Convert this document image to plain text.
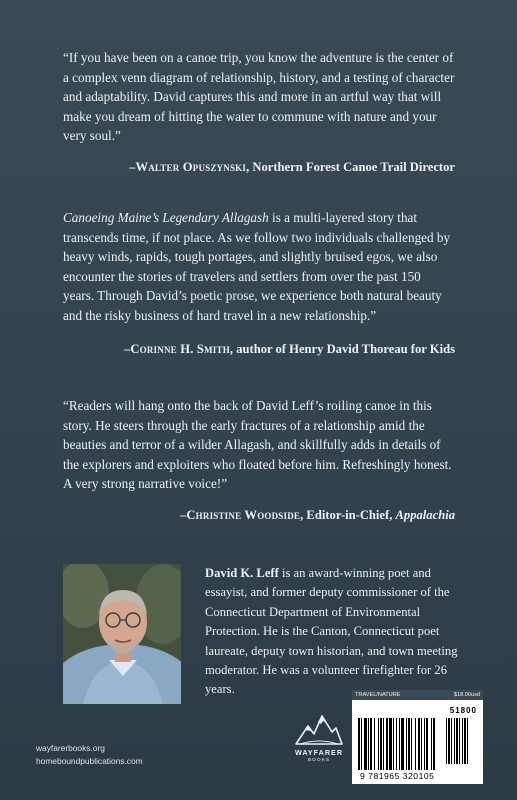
“If you have been on a canoe trip, you know the adventure is the center of a complex venn diagram of relationship, history, and a testing of character and adaptability. David captures this and more in an artful way that will make you dream of hitting the water to commune with nature and your very soul.”

–Walter Opuszynski, Northern Forest Canoe Trail Director

Canoeing Maine’s Legendary Allagash is a multi-layered story that transcends time, if not place. As we follow two individuals challenged by heavy winds, rapids, tough portages, and slightly bruised egos, we also encounter the stories of travelers and settlers from over the past 150 years. Through David’s poetic prose, we experience both natural beauty and the risky business of hard travel in a new relationship.”

–Corinne H. Smith, author of Henry David Thoreau for Kids

“Readers will hang onto the back of David Leff’s roiling canoe in this story. He steers through the early fractures of a relationship amid the beauties and terror of a wilder Allagash, and skillfully adds in details of the explorers and exploiters who floated before him. Refreshingly honest. A very strong narrative voice!”

–Christine Woodside, Editor-in-Chief, Appalachia

David K. Leff is an award-winning poet and essayist, and former deputy commissioner of the Connecticut Department of Environmental Protection. He is the Canton, Connecticut poet laureate, deputy town historian, and town meeting moderator. He was a volunteer firefighter for 26 years.

wayfarerbooks.org
homeboundpublications.com
WAYFARER
BOOKS
TRAVEL/NATURE	$18.00usd
51800
9 781965 320105
